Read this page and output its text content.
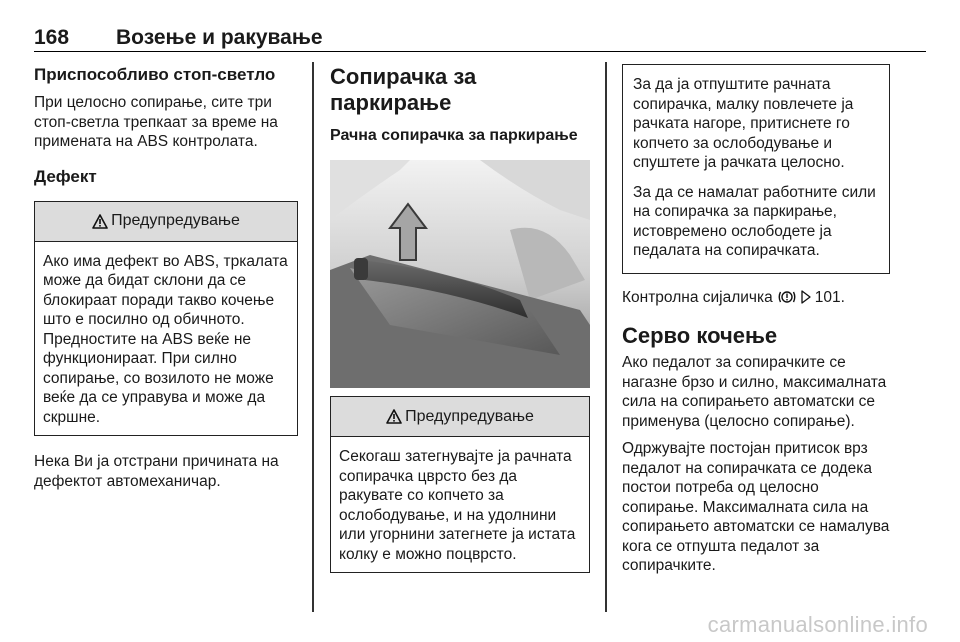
168 Возење и ракување
Приспособливо стоп-светло
При целосно сопирање, сите три стоп-светла трепкаат за време на примената на ABS контролата.
Дефект
Предупредување
Ако има дефект во ABS, тркалата може да бидат склони да се блокираат поради такво кочење што е посилно од обичното. Предностите на ABS веќе не функционираат. При силно сопирање, со возилото не може веќе да се управува и може да скршне.
Нека Ви ја отстрани причината на дефектот автомеханичар.
Сопирачка за паркирање
Рачна сопирачка за паркирање
Предупредување
Секогаш затегнувајте ја рачната сопирачка цврсто без да ракувате со копчето за ослободување, и на удолнини или угорнини затегнете ја истата колку е можно поцврсто.
За да ја отпуштите рачната сопирачка, малку повлечете ја рачката нагоре, притиснете го копчето за ослободување и спуштете ја рачката целосно.
За да се намалат работните сили на сопирачка за паркирање, истовремено ослободете ја педалата на сопирачката.
Контролна сијаличка	101.
Серво кочење
Ако педалот за сопирачките се нагазне брзо и силно, максималната сила на сопирањето автоматски се применува (целосно сопирање).
Одржувајте постојан притисок врз педалот на сопирачката се додека постои потреба од целосно сопирање. Максималната сила на сопирањето автоматски се намалува кога се отпушта педалот за сопирачките.
carmanualsonline.info
